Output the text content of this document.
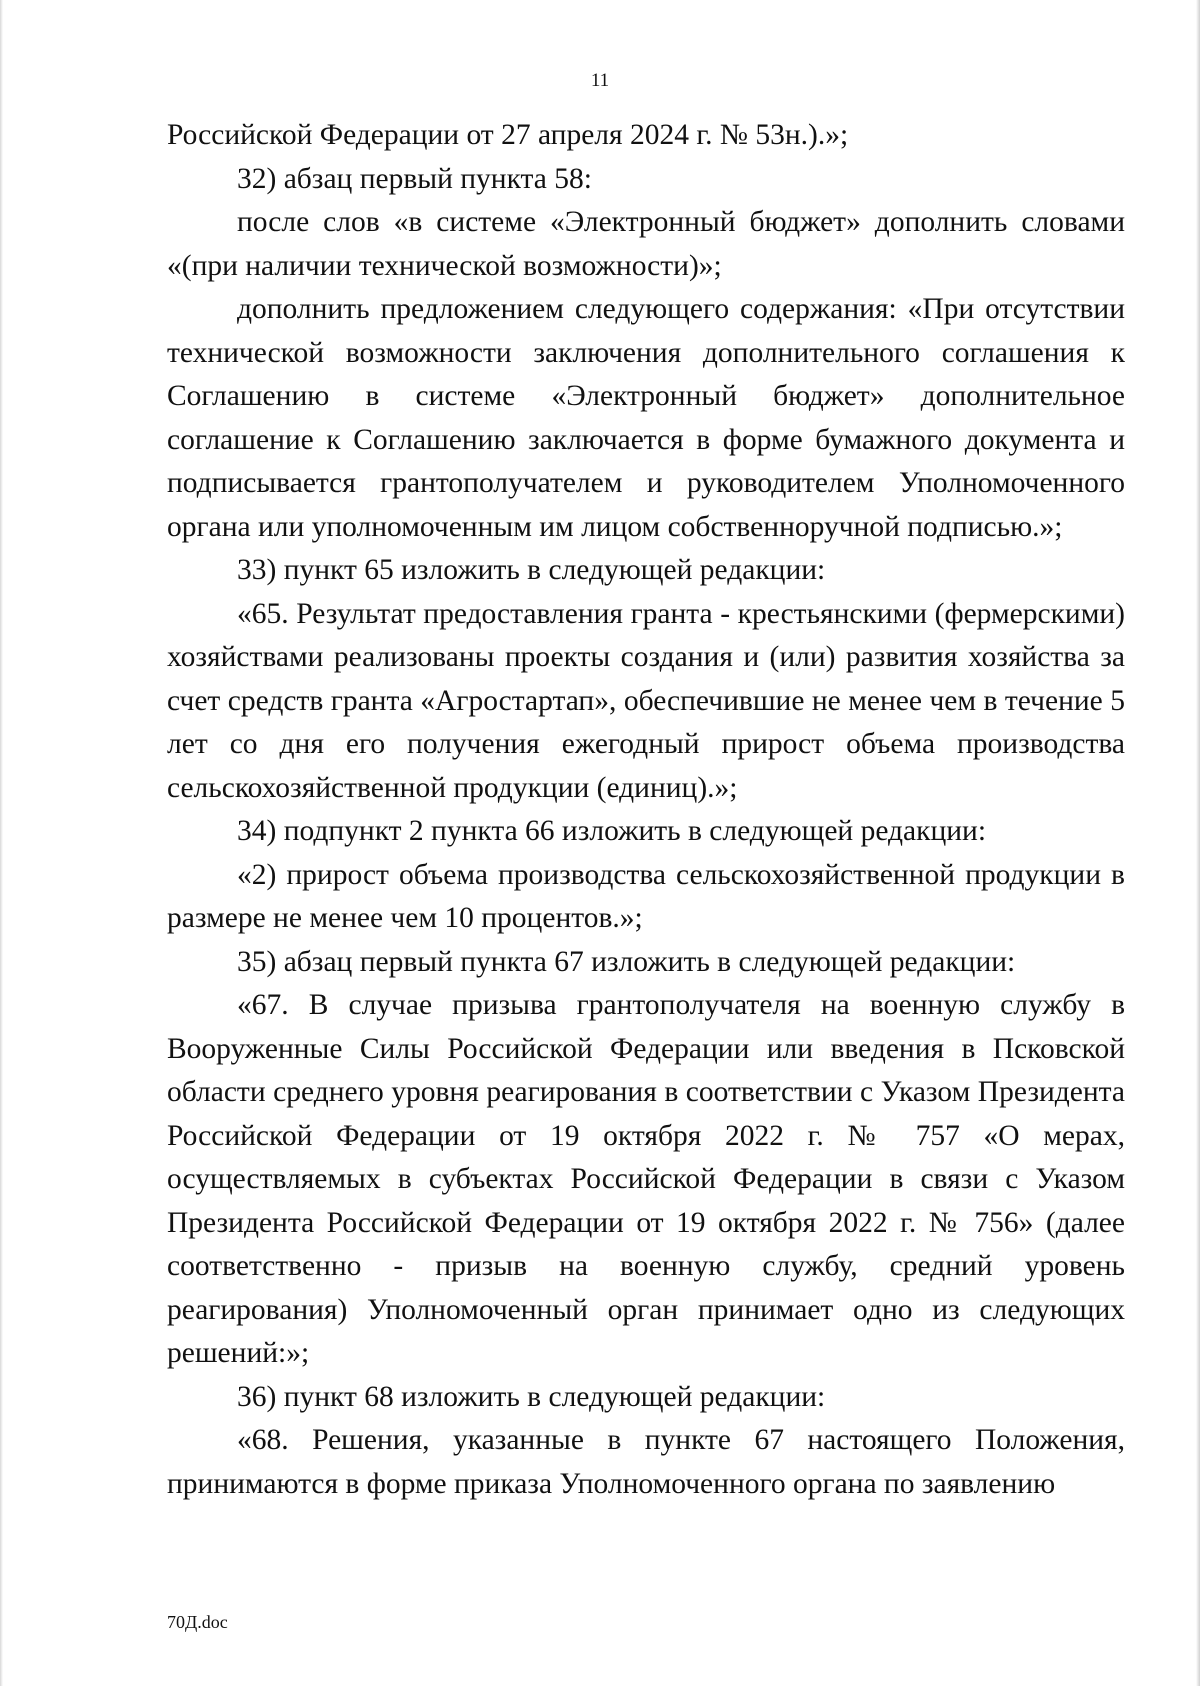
11

Российской Федерации от 27 апреля 2024 г. № 53н.).»;

32) абзац первый пункта 58:

после слов «в системе «Электронный бюджет» дополнить словами «(при наличии технической возможности)»;

дополнить предложением следующего содержания: «При отсутствии технической возможности заключения дополнительного соглашения к Соглашению в системе «Электронный бюджет» дополнительное соглашение к Соглашению заключается в форме бумажного документа и подписывается грантополучателем и руководителем Уполномоченного органа или уполномоченным им лицом собственноручной подписью.»;

33) пункт 65 изложить в следующей редакции:

«65. Результат предоставления гранта - крестьянскими (фермерскими) хозяйствами реализованы проекты создания и (или) развития хозяйства за счет средств гранта «Агростартап», обеспечившие не менее чем в течение 5 лет со дня его получения ежегодный прирост объема производства сельскохозяйственной продукции (единиц).»;

34) подпункт 2 пункта 66 изложить в следующей редакции:

«2) прирост объема производства сельскохозяйственной продукции в размере не менее чем 10 процентов.»;

35) абзац первый пункта 67 изложить в следующей редакции:

«67. В случае призыва грантополучателя на военную службу в Вооруженные Силы Российской Федерации или введения в Псковской области среднего уровня реагирования в соответствии с Указом Президента Российской Федерации от 19 октября 2022 г. № 757 «О мерах, осуществляемых в субъектах Российской Федерации в связи с Указом Президента Российской Федерации от 19 октября 2022 г. № 756» (далее соответственно - призыв на военную службу, средний уровень реагирования) Уполномоченный орган принимает одно из следующих решений:»;

36) пункт 68 изложить в следующей редакции:

«68. Решения, указанные в пункте 67 настоящего Положения, принимаются в форме приказа Уполномоченного органа по заявлению

70Д.doc
